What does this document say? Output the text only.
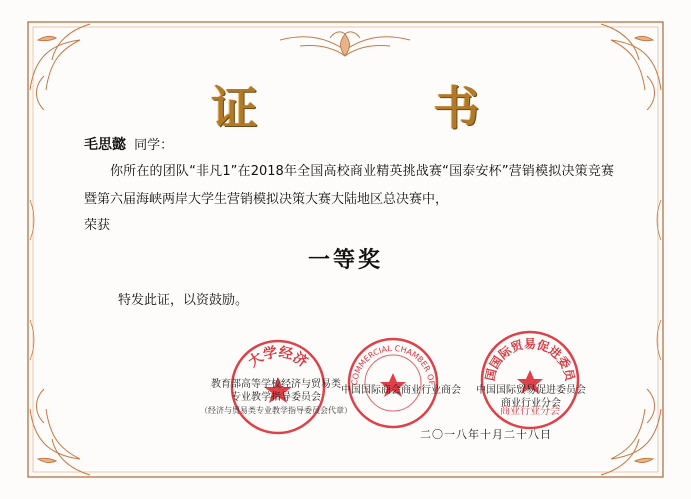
证 书
毛思懿 同学：
你所在的团队“非凡1”在2018年全国高校商业精英挑战赛“国泰安杯”营销模拟决策竞赛暨第六届海峡两岸大学生营销模拟决策大赛大陆地区总决赛中，
荣获
一等奖
特发此证，以资鼓励。
大学经济
COMMERCIAL CHAMBER OF
国国际贸易促进委员
商业行业分会
教育部高等学校经济与贸易类
专业教学指导委员会
（经济与贸易类专业教学指导委员会代章）
中国国际商会商业行业商会	中国国际贸易促进委员会
商业行业分会
二〇一八年十月二十八日
